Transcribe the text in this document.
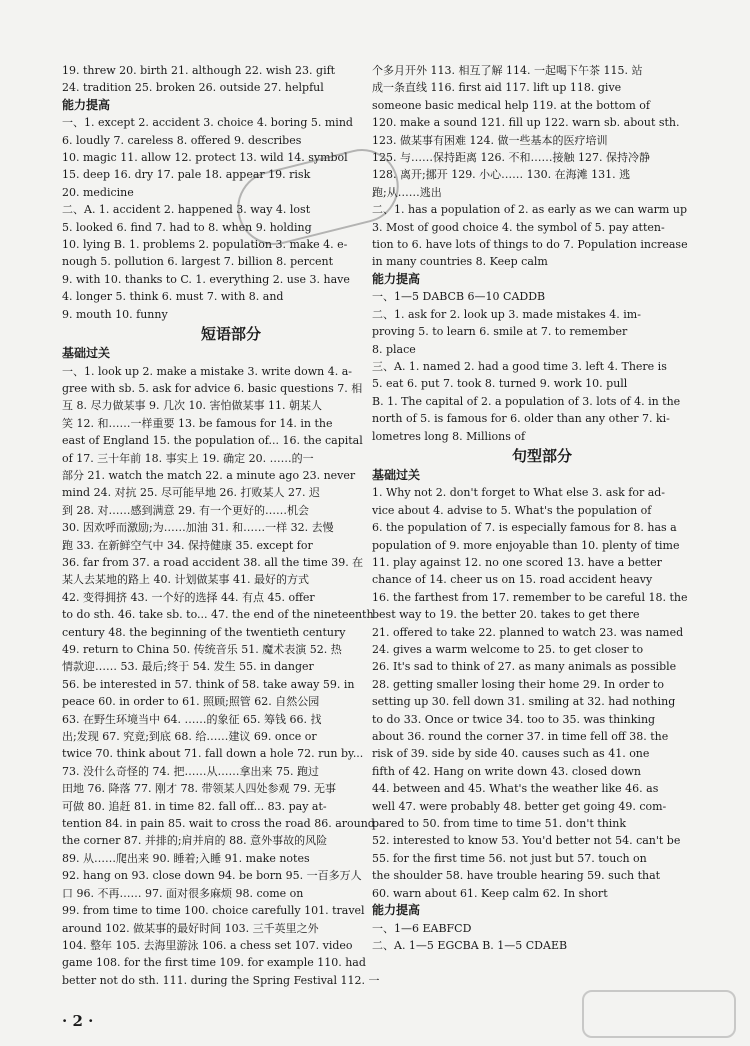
19. threw 20. birth 21. although 22. wish 23. gift
24. tradition 25. broken 26. outside 27. helpful
能力提高
一、1. except 2. accident 3. choice 4. boring 5. mind
6. loudly 7. careless 8. offered 9. describes
10. magic 11. allow 12. protect 13. wild 14. symbol
15. deep 16. dry 17. pale 18. appear 19. risk
20. medicine
二、A. 1. accident 2. happened 3. way 4. lost
5. looked 6. find 7. had to 8. when 9. holding
10. lying B. 1. problems 2. population 3. make 4. e-
nough 5. pollution 6. largest 7. billion 8. percent
9. with 10. thanks to C. 1. everything 2. use 3. have
4. longer 5. think 6. must 7. with 8. and
9. mouth 10. funny
短语部分
基础过关
一、1. look up 2. make a mistake 3. write down 4. a-
gree with sb. 5. ask for advice 6. basic questions 7. 相
互 8. 尽力做某事 9. 几次 10. 害怕做某事 11. 朝某人
笑 12. 和……一样重要 13. be famous for 14. in the
east of England 15. the population of... 16. the capital
of 17. 三十年前 18. 事实上 19. 确定 20. ……的一
部分 21. watch the match 22. a minute ago 23. never
mind 24. 对抗 25. 尽可能早地 26. 打败某人 27. 迟
到 28. 对……感到满意 29. 有一个更好的……机会
30. 因欢呼而激励;为……加油 31. 和……一样 32. 去慢
跑 33. 在新鲜空气中 34. 保持健康 35. except for
36. far from 37. a road accident 38. all the time 39. 在
某人去某地的路上 40. 计划做某事 41. 最好的方式
42. 变得拥挤 43. 一个好的选择 44. 有点 45. offer
to do sth. 46. take sb. to... 47. the end of the nineteenth
century 48. the beginning of the twentieth century
49. return to China 50. 传统音乐 51. 魔术表演 52. 热
情款迎…… 53. 最后;终于 54. 发生 55. in danger
56. be interested in 57. think of 58. take away 59. in
peace 60. in order to 61. 照顾;照管 62. 自然公园
63. 在野生环境当中 64. ……的象征 65. 筹钱 66. 找
出;发现 67. 究竟;到底 68. 给……建议 69. once or
twice 70. think about 71. fall down a hole 72. run by...
73. 没什么奇怪的 74. 把……从……拿出来 75. 跑过
田地 76. 降落 77. 刚才 78. 带领某人四处参观 79. 无事
可做 80. 追赶 81. in time 82. fall off... 83. pay at-
tention 84. in pain 85. wait to cross the road 86. around
the corner 87. 并排的;肩并肩的 88. 意外事故的风险
89. 从……爬出来 90. 睡着;入睡 91. make notes
92. hang on 93. close down 94. be born 95. 一百多万人
口 96. 不再…… 97. 面对很多麻烦 98. come on
99. from time to time 100. choice carefully 101. travel
around 102. 做某事的最好时间 103. 三千英里之外
104. 整年 105. 去海里游泳 106. a chess set 107. video
game 108. for the first time 109. for example 110. had
better not do sth. 111. during the Spring Festival 112. 一
个多月开外 113. 相互了解 114. 一起喝下午茶 115. 站
成一条直线 116. first aid 117. lift up 118. give
someone basic medical help 119. at the bottom of
120. make a sound 121. fill up 122. warn sb. about sth.
123. 做某事有困难 124. 做一些基本的医疗培训
125. 与……保持距离 126. 不和……接触 127. 保持冷静
128. 离开;挪开 129. 小心…… 130. 在海滩 131. 逃
跑;从……逃出
二、1. has a population of 2. as early as we can warm up
3. Most of good choice 4. the symbol of 5. pay atten-
tion to 6. have lots of things to do 7. Population increase
in many countries 8. Keep calm
能力提高
一、1—5 DABCB 6—10 CADDB
二、1. ask for 2. look up 3. made mistakes 4. im-
proving 5. to learn 6. smile at 7. to remember
8. place
三、A. 1. named 2. had a good time 3. left 4. There is
5. eat 6. put 7. took 8. turned 9. work 10. pull
B. 1. The capital of 2. a population of 3. lots of 4. in the
north of 5. is famous for 6. older than any other 7. ki-
lometres long 8. Millions of
句型部分
基础过关
1. Why not 2. don't forget to What else 3. ask for ad-
vice about 4. advise to 5. What's the population of
6. the population of 7. is especially famous for 8. has a
population of 9. more enjoyable than 10. plenty of time
11. play against 12. no one scored 13. have a better
chance of 14. cheer us on 15. road accident heavy
16. the farthest from 17. remember to be careful 18. the
best way to 19. the better 20. takes to get there
21. offered to take 22. planned to watch 23. was named
24. gives a warm welcome to 25. to get closer to
26. It's sad to think of 27. as many animals as possible
28. getting smaller losing their home 29. In order to
setting up 30. fell down 31. smiling at 32. had nothing
to do 33. Once or twice 34. too to 35. was thinking
about 36. round the corner 37. in time fell off 38. the
risk of 39. side by side 40. causes such as 41. one
fifth of 42. Hang on write down 43. closed down
44. between and 45. What's the weather like 46. as
well 47. were probably 48. better get going 49. com-
pared to 50. from time to time 51. don't think
52. interested to know 53. You'd better not 54. can't be
55. for the first time 56. not just but 57. touch on
the shoulder 58. have trouble hearing 59. such that
60. warn about 61. Keep calm 62. In short
能力提高
一、1—6 EABFCD
二、A. 1—5 EGCBA B. 1—5 CDAEB
· 2 ·
